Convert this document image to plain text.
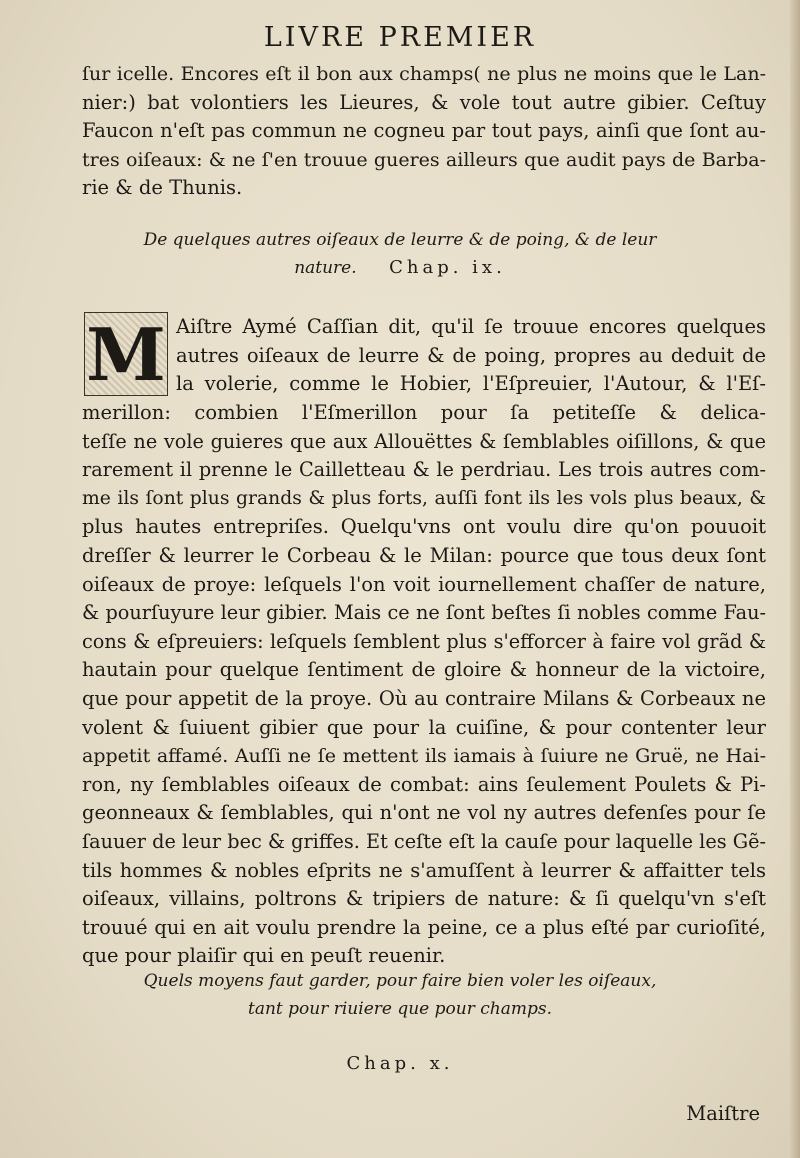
LIVRE PREMIER
ſur icelle. Encores eſt il bon aux champs( ne plus ne moins que le Lan-
nier:) bat volontiers les Lieures, & vole tout autre gibier. Ceſtuy
Faucon n'eſt pas commun ne cogneu par tout pays, ainſi que ſont au-
tres oiſeaux: & ne ſ'en trouue gueres ailleurs que audit pays de Barba-
rie & de Thunis.
De quelques autres oiſeaux de leurre & de poing, & de leur
nature. Chap. ix.
M Aiſtre Aymé Caſſian dit, qu'il ſe trouue encores quelques
autres oiſeaux de leurre & de poing, propres au deduit de
la volerie, comme le Hobier, l'Eſpreuier, l'Autour, & l'Eſ-
merillon: combien l'Eſmerillon pour ſa petiteſſe & delica-
teſſe ne vole guieres que aux Allouëttes & ſemblables oiſillons, & que
rarement il prenne le Cailletteau & le perdriau. Les trois autres com-
me ils ſont plus grands & plus forts, auſſi font ils les vols plus beaux, &
plus hautes entrepriſes. Quelqu'vns ont voulu dire qu'on pouuoit
dreſſer & leurrer le Corbeau & le Milan: pource que tous deux ſont
oiſeaux de proye: leſquels l'on voit iournellement chaſſer de nature,
& pourſuyure leur gibier. Mais ce ne ſont beſtes ſi nobles comme Fau-
cons & eſpreuiers: leſquels ſemblent plus s'efforcer à faire vol grãd &
hautain pour quelque ſentiment de gloire & honneur de la victoire,
que pour appetit de la proye. Où au contraire Milans & Corbeaux ne
volent & ſuiuent gibier que pour la cuiſine, & pour contenter leur
appetit affamé. Auſſi ne ſe mettent ils iamais à ſuiure ne Gruë, ne Hai-
ron, ny ſemblables oiſeaux de combat: ains ſeulement Poulets & Pi-
geonneaux & ſemblables, qui n'ont ne vol ny autres defenſes pour ſe
ſauuer de leur bec & griffes. Et ceſte eſt la cauſe pour laquelle les Gẽ-
tils hommes & nobles eſprits ne s'amuſſent à leurrer & affaitter tels
oiſeaux, villains, poltrons & tripiers de nature: & ſi quelqu'vn s'eſt
trouué qui en ait voulu prendre la peine, ce a plus eſté par curioſité,
que pour plaiſir qui en peuſt reuenir.
Quels moyens faut garder, pour faire bien voler les oiſeaux,
tant pour riuiere que pour champs.
Chap. x.
Maiſtre
